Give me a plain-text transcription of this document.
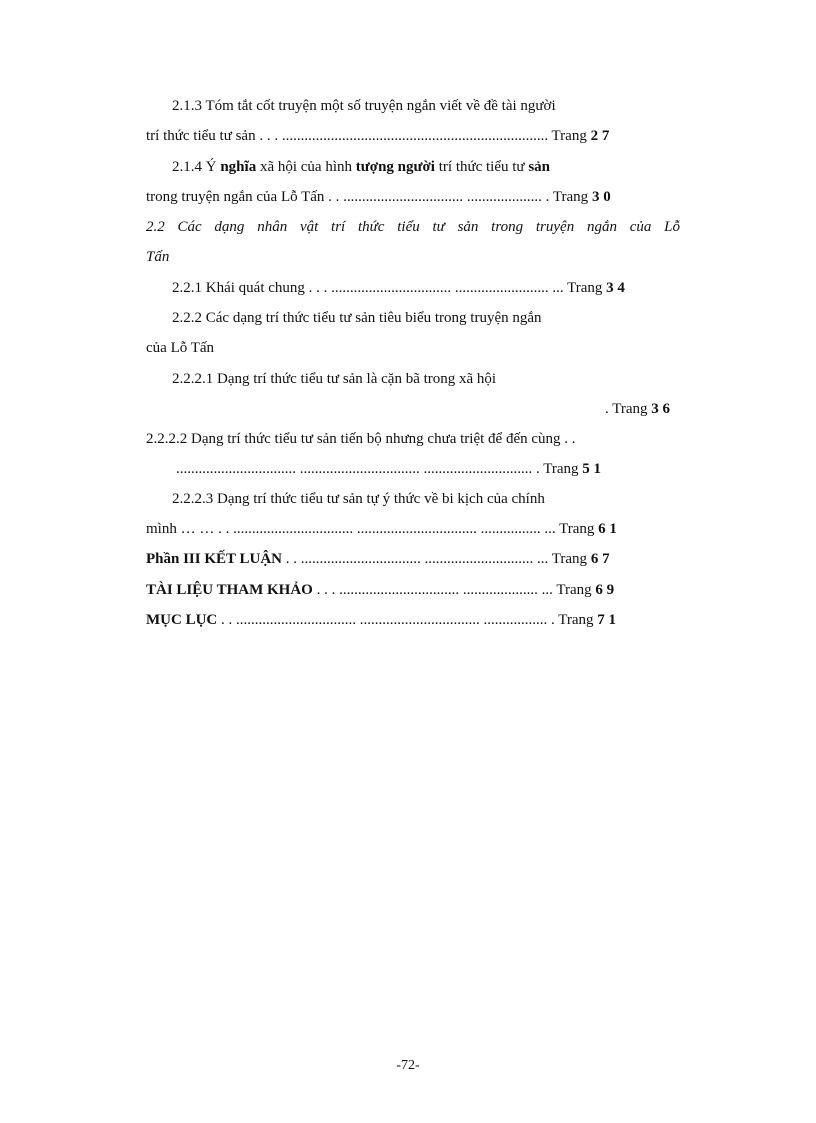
2.1.3 Tóm tắt cốt truyện một số truyện ngắn viết về đề tài người
trí thức tiểu tư sản . . . ....................................................................... Trang 2 7
2.1.4 Ý nghĩa xã hội của hình tượng người trí thức tiểu tư sản
trong truyện ngắn của Lỗ Tấn . . ................................ .................... . Trang 3 0
2.2 Các dạng nhân vật trí thức tiểu tư sản trong truyện ngắn của Lỗ
Tấn
2.2.1 Khái quát chung . . . ................................ ......................... ... Trang 3 4
2.2.2 Các dạng trí thức tiểu tư sản tiêu biểu trong truyện ngắn
của Lỗ Tấn
2.2.2.1 Dạng trí thức tiểu tư sản là cặn bã trong xã hội
. Trang 3 6
2.2.2.2 Dạng trí thức tiểu tư sản tiến bộ nhưng chưa triệt để đến cùng . .
................................ ................................ ............................. . Trang 5 1
2.2.2.3 Dạng trí thức tiểu tư sản tự ý thức về bi kịch của chính
mình … … . . ................................ ................................ ................ ... Trang 6 1
Phần III KẾT LUẬN . . ................................ ............................. ... Trang 6 7
TÀI LIỆU THAM KHẢO . . . ................................ .................... ... Trang 6 9
MỤC LỤC . . ................................ ................................ ................. . Trang 7 1
-72-
